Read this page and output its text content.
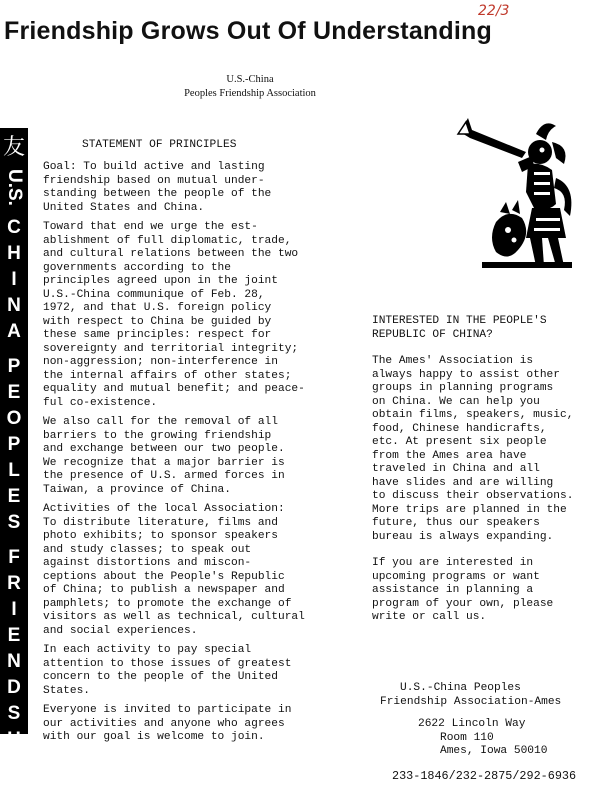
Friendship Grows Out Of Understanding
22/3
U.S.-China
Peoples Friendship Association
友
U.S.
C
H
I
N
A
P
E
O
P
L
E
S
F
R
I
E
N
D
S
H
I
P
STATEMENT OF PRINCIPLES

Goal: To build active and lasting
friendship based on mutual under-
standing between the people of the
United States and China.

Toward that end we urge the est-
ablishment of full diplomatic, trade,
and cultural relations between the two
governments according to the
principles agreed upon in the joint
U.S.-China communique of Feb. 28,
1972, and that U.S. foreign policy
with respect to China be guided by
these same principles: respect for
sovereignty and territorial integrity;
non-aggression; non-interference in
the internal affairs of other states;
equality and mutual benefit; and peace-
ful co-existence.

We also call for the removal of all
barriers to the growing friendship
and exchange between our two people.
We recognize that a major barrier is
the presence of U.S. armed forces in
Taiwan, a province of China.

Activities of the local Association:
To distribute literature, films and
photo exhibits; to sponsor speakers
and study classes; to speak out
against distortions and miscon-
ceptions about the People's Republic
of China; to publish a newspaper and
pamphlets; to promote the exchange of
visitors as well as technical, cultural
and social experiences.

In each activity to pay special
attention to those issues of greatest
concern to the people of the United
States.

Everyone is invited to participate in
our activities and anyone who agrees
with our goal is welcome to join.

INTERESTED IN THE PEOPLE'S
REPUBLIC OF CHINA?

The Ames' Association is
always happy to assist other
groups in planning programs
on China. We can help you
obtain films, speakers, music,
food, Chinese handicrafts,
etc. At present six people
from the Ames area have
traveled in China and all
have slides and are willing
to discuss their observations.
More trips are planned in the
future, thus our speakers
bureau is always expanding.

If you are interested in
upcoming programs or want
assistance in planning a
program of your own, please
write or call us.

U.S.-China Peoples
Friendship Association-Ames
2622 Lincoln Way
Room 110
Ames, Iowa 50010
233-1846/232-2875/292-6936
